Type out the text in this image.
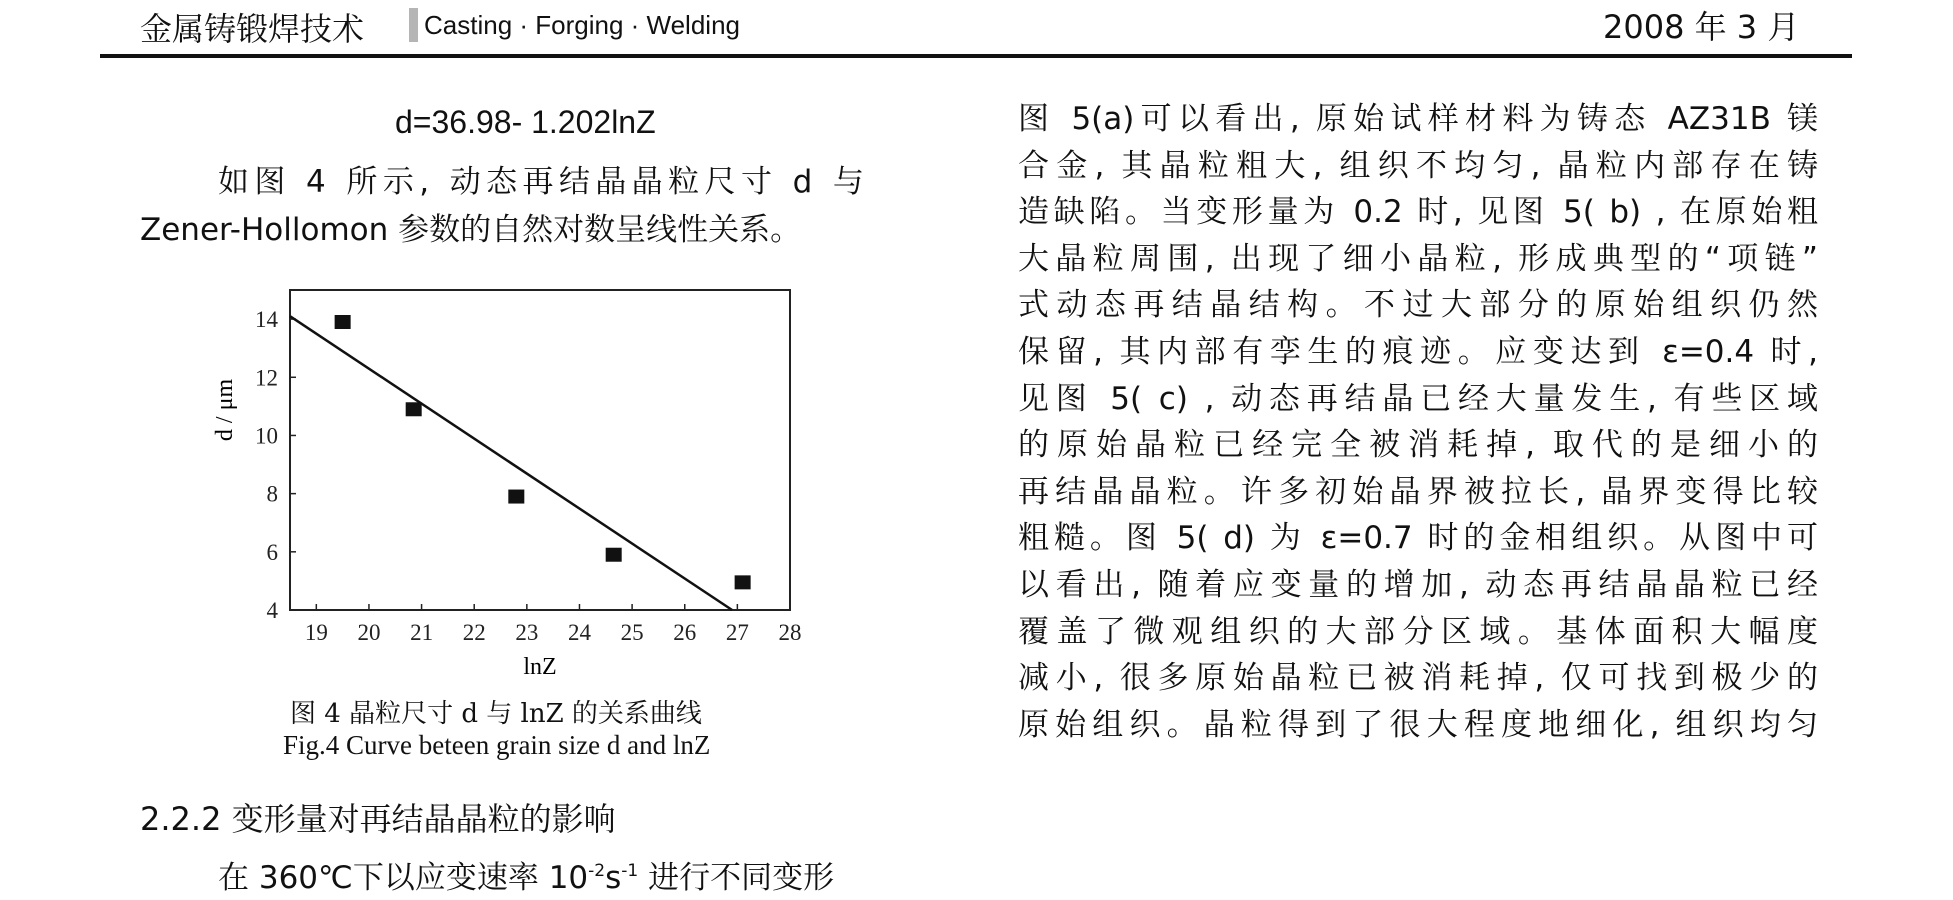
金属铸锻焊技术 Casting · Forging · Welding	2008 年 3 月
d=36.98- 1.202lnZ
如图 4 所示, 动态再结晶晶粒尺寸 d 与
Zener-Hollomon 参数的自然对数呈线性关系。
19 20 21 22 23 24 25 26 27 28
4
6
8
10
12
14
lnZ
d / μm
图 4 晶粒尺寸 d 与 lnZ 的关系曲线
Fig.4 Curve beteen grain size d and lnZ
2.2.2 变形量对再结晶晶粒的影响
在 360℃下以应变速率 $10^{-2}s^{-1}$ 进行不同变形
图 5(a)可以看出, 原始试样材料为铸态 AZ31B 镁
合金, 其晶粒粗大, 组织不均匀, 晶粒内部存在铸
造缺陷。当变形量为 0.2 时, 见图 5( b) , 在原始粗
大晶粒周围, 出现了细小晶粒, 形成典型的“项链”
式动态再结晶结构。不过大部分的原始组织仍然
保留, 其内部有孪生的痕迹。应变达到 ε=0.4 时,
见图 5( c) , 动态再结晶已经大量发生, 有些区域
的原始晶粒已经完全被消耗掉, 取代的是细小的
再结晶晶粒。许多初始晶界被拉长, 晶界变得比较
粗糙。图 5( d) 为 ε=0.7 时的金相组织。从图中可
以看出, 随着应变量的增加, 动态再结晶晶粒已经
覆盖了微观组织的大部分区域。基体面积大幅度
减小, 很多原始晶粒已被消耗掉, 仅可找到极少的
原始组织。晶粒得到了很大程度地细化, 组织均匀
